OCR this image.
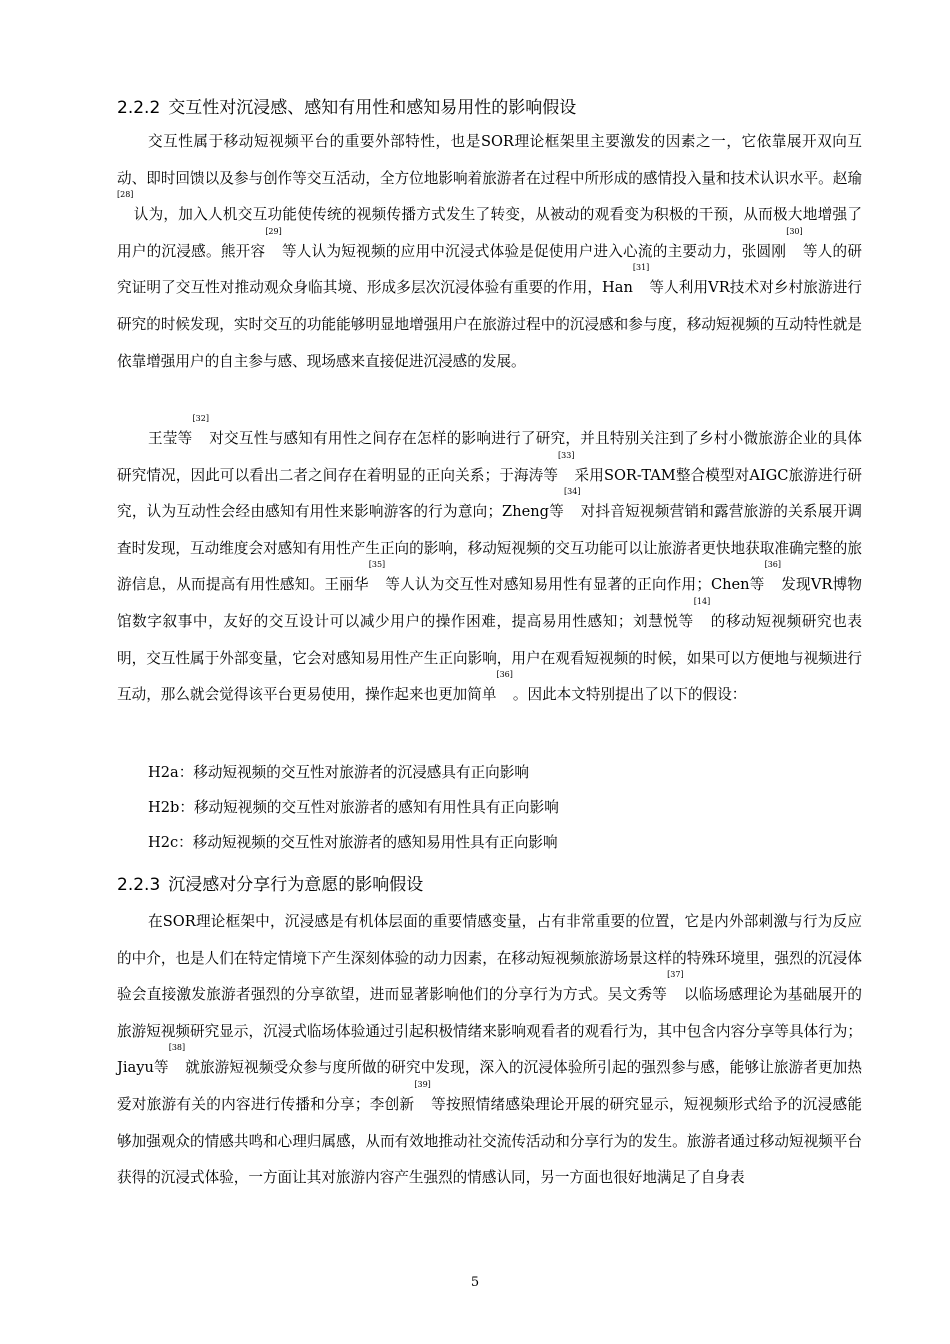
2.2.2 交互性对沉浸感、感知有用性和感知易用性的影响假设

交互性属于移动短视频平台的重要外部特性，也是SOR理论框架里主要激发的因素之一，它依靠展开双向互动、即时回馈以及参与创作等交互活动，全方位地影响着旅游者在过程中所形成的感情投入量和技术认识水平。赵瑜[28]认为，加入人机交互功能使传统的视频传播方式发生了转变，从被动的观看变为积极的干预，从而极大地增强了用户的沉浸感。熊开容[29]等人认为短视频的应用中沉浸式体验是促使用户进入心流的主要动力，张圆刚[30]等人的研究证明了交互性对推动观众身临其境、形成多层次沉浸体验有重要的作用，Han[31]等人利用VR技术对乡村旅游进行研究的时候发现，实时交互的功能能够明显地增强用户在旅游过程中的沉浸感和参与度，移动短视频的互动特性就是依靠增强用户的自主参与感、现场感来直接促进沉浸感的发展。

王莹等[32]对交互性与感知有用性之间存在怎样的影响进行了研究，并且特别关注到了乡村小微旅游企业的具体研究情况，因此可以看出二者之间存在着明显的正向关系；于海涛等[33]采用SOR-TAM整合模型对AIGC旅游进行研究，认为互动性会经由感知有用性来影响游客的行为意向；Zheng等[34]对抖音短视频营销和露营旅游的关系展开调查时发现，互动维度会对感知有用性产生正向的影响，移动短视频的交互功能可以让旅游者更快地获取准确完整的旅游信息，从而提高有用性感知。王丽华[35]等人认为交互性对感知易用性有显著的正向作用；Chen等[36]发现VR博物馆数字叙事中，友好的交互设计可以减少用户的操作困难，提高易用性感知；刘慧悦等[14]的移动短视频研究也表明，交互性属于外部变量，它会对感知易用性产生正向影响，用户在观看短视频的时候，如果可以方便地与视频进行互动，那么就会觉得该平台更易使用，操作起来也更加简单[36]。因此本文特别提出了以下的假设：

H2a：移动短视频的交互性对旅游者的沉浸感具有正向影响
H2b：移动短视频的交互性对旅游者的感知有用性具有正向影响
H2c：移动短视频的交互性对旅游者的感知易用性具有正向影响
2.2.3 沉浸感对分享行为意愿的影响假设

在SOR理论框架中，沉浸感是有机体层面的重要情感变量，占有非常重要的位置，它是内外部刺激与行为反应的中介，也是人们在特定情境下产生深刻体验的动力因素，在移动短视频旅游场景这样的特殊环境里，强烈的沉浸体验会直接激发旅游者强烈的分享欲望，进而显著影响他们的分享行为方式。吴文秀等[37]以临场感理论为基础展开的旅游短视频研究显示，沉浸式临场体验通过引起积极情绪来影响观看者的观看行为，其中包含内容分享等具体行为；Jiayu等[38]就旅游短视频受众参与度所做的研究中发现，深入的沉浸体验所引起的强烈参与感，能够让旅游者更加热爱对旅游有关的内容进行传播和分享；李创新[39]等按照情绪感染理论开展的研究显示，短视频形式给予的沉浸感能够加强观众的情感共鸣和心理归属感，从而有效地推动社交流传活动和分享行为的发生。旅游者通过移动短视频平台获得的沉浸式体验，一方面让其对旅游内容产生强烈的情感认同，另一方面也很好地满足了自身表

5
